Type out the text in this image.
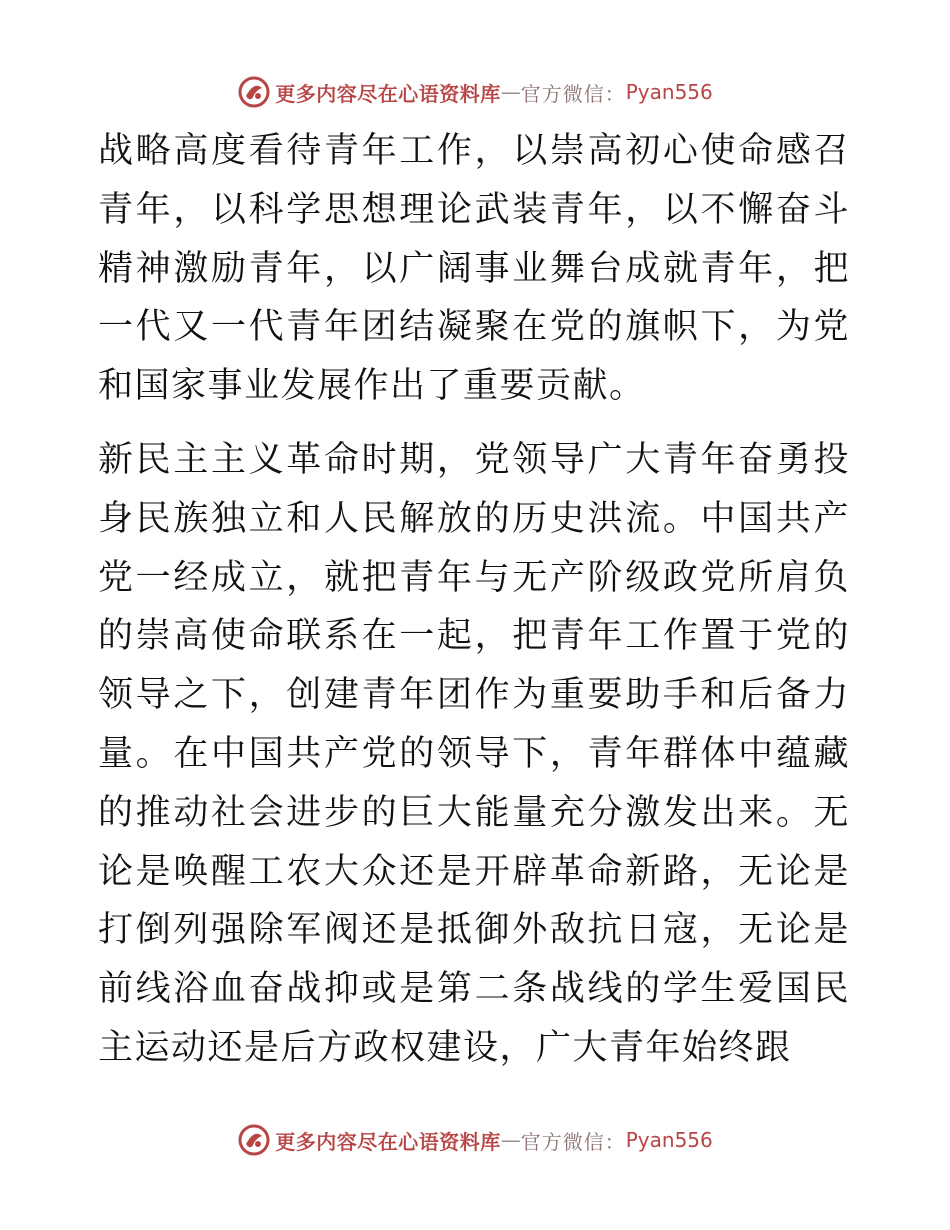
更多内容尽在心语资料库 — 官方微信： Pyan556

战略高度看待青年工作，以崇高初心使命感召青年，以科学思想理论武装青年，以不懈奋斗精神激励青年，以广阔事业舞台成就青年，把一代又一代青年团结凝聚在党的旗帜下，为党和国家事业发展作出了重要贡献。

新民主主义革命时期，党领导广大青年奋勇投身民族独立和人民解放的历史洪流。中国共产党一经成立，就把青年与无产阶级政党所肩负的崇高使命联系在一起，把青年工作置于党的领导之下，创建青年团作为重要助手和后备力量。在中国共产党的领导下，青年群体中蕴藏的推动社会进步的巨大能量充分激发出来。无论是唤醒工农大众还是开辟革命新路，无论是打倒列强除军阀还是抵御外敌抗日寇，无论是前线浴血奋战抑或是第二条战线的学生爱国民主运动还是后方政权建设，广大青年始终跟

更多内容尽在心语资料库 — 官方微信： Pyan556
